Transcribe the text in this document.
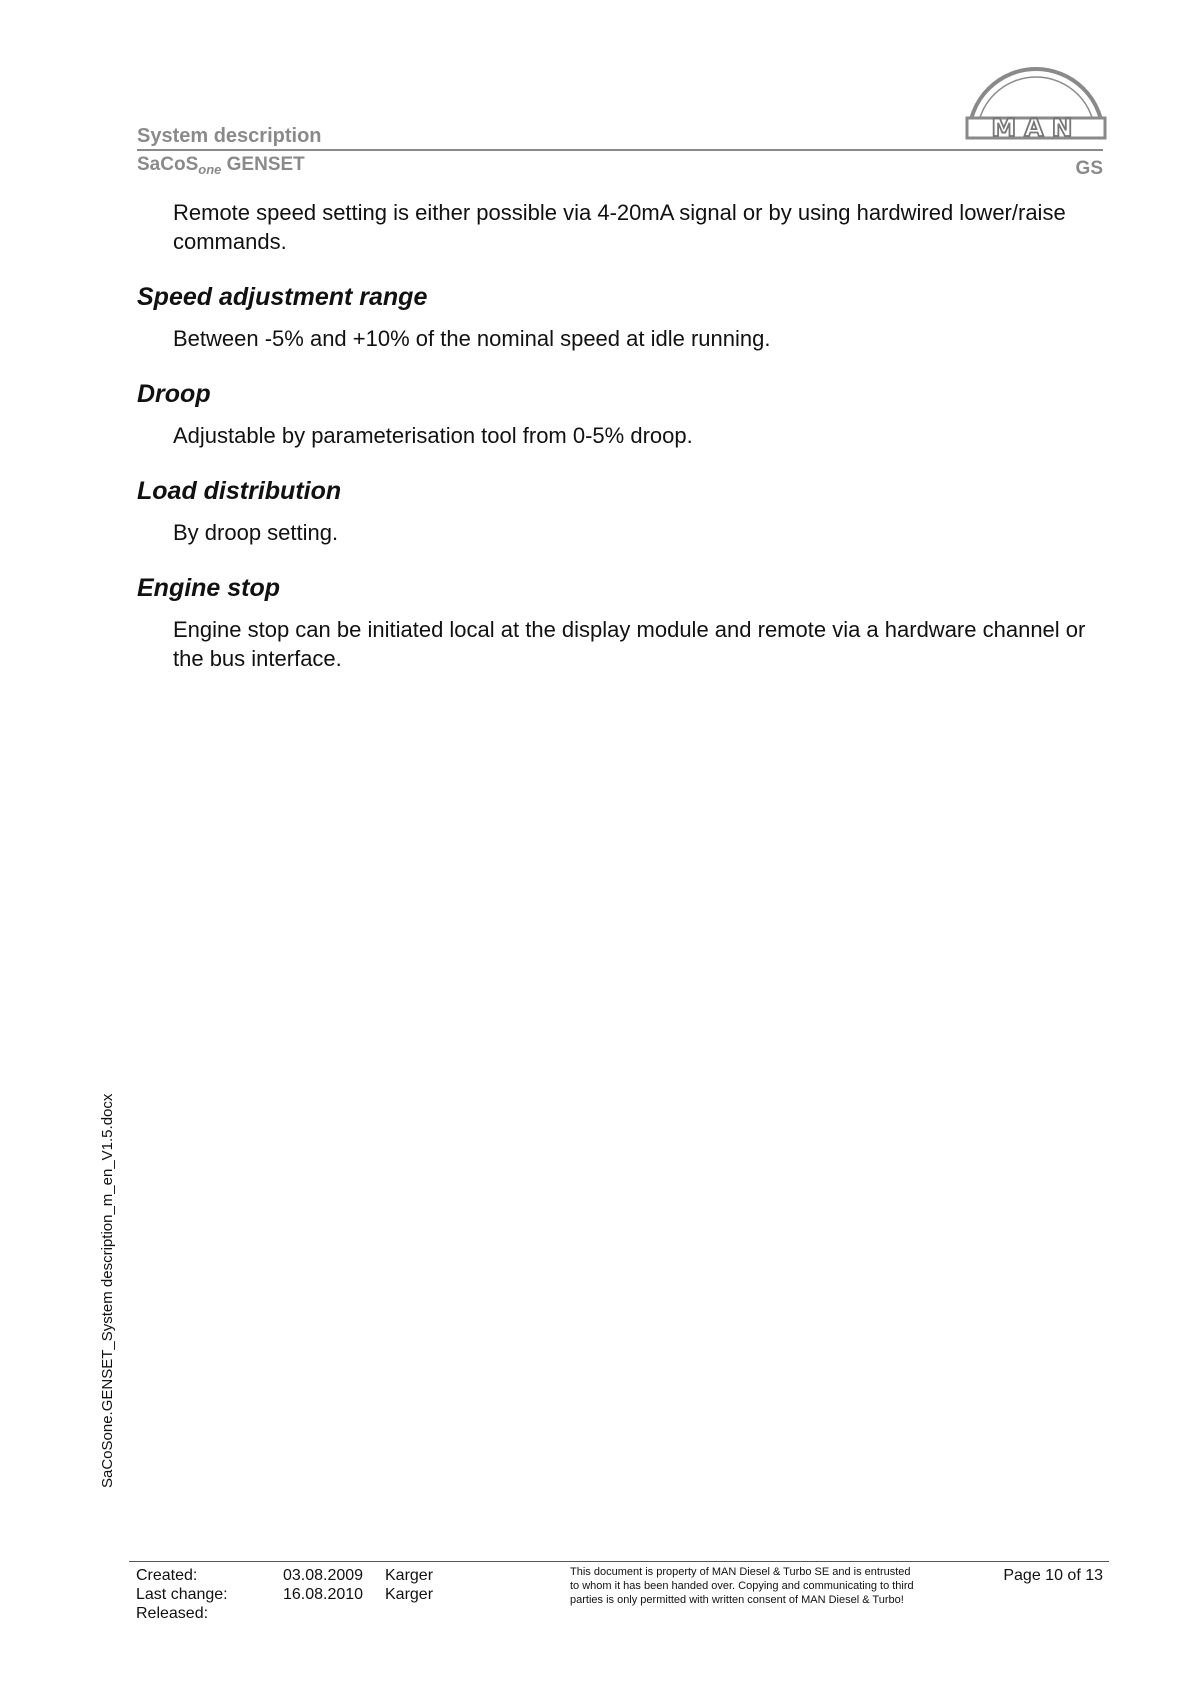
System description
SaCoS$_{one}$ GENSET	GS
MAN

Remote speed setting is either possible via 4-20mA signal or by using hardwired lower/raise commands.

Speed adjustment range

Between -5% and +10% of the nominal speed at idle running.

Droop

Adjustable by parameterisation tool from 0-5% droop.

Load distribution

By droop setting.

Engine stop

Engine stop can be initiated local at the display module and remote via a hardware channel or the bus interface.

SaCoSone.GENSET_System description_m_en_V1.5.docx
Created:
Last change:
Released:
03.08.2009
16.08.2010
Karger
Karger
This document is property of MAN Diesel & Turbo SE and is entrusted
to whom it has been handed over. Copying and communicating to third
parties is only permitted with written consent of MAN Diesel & Turbo!
Page 10 of 13
